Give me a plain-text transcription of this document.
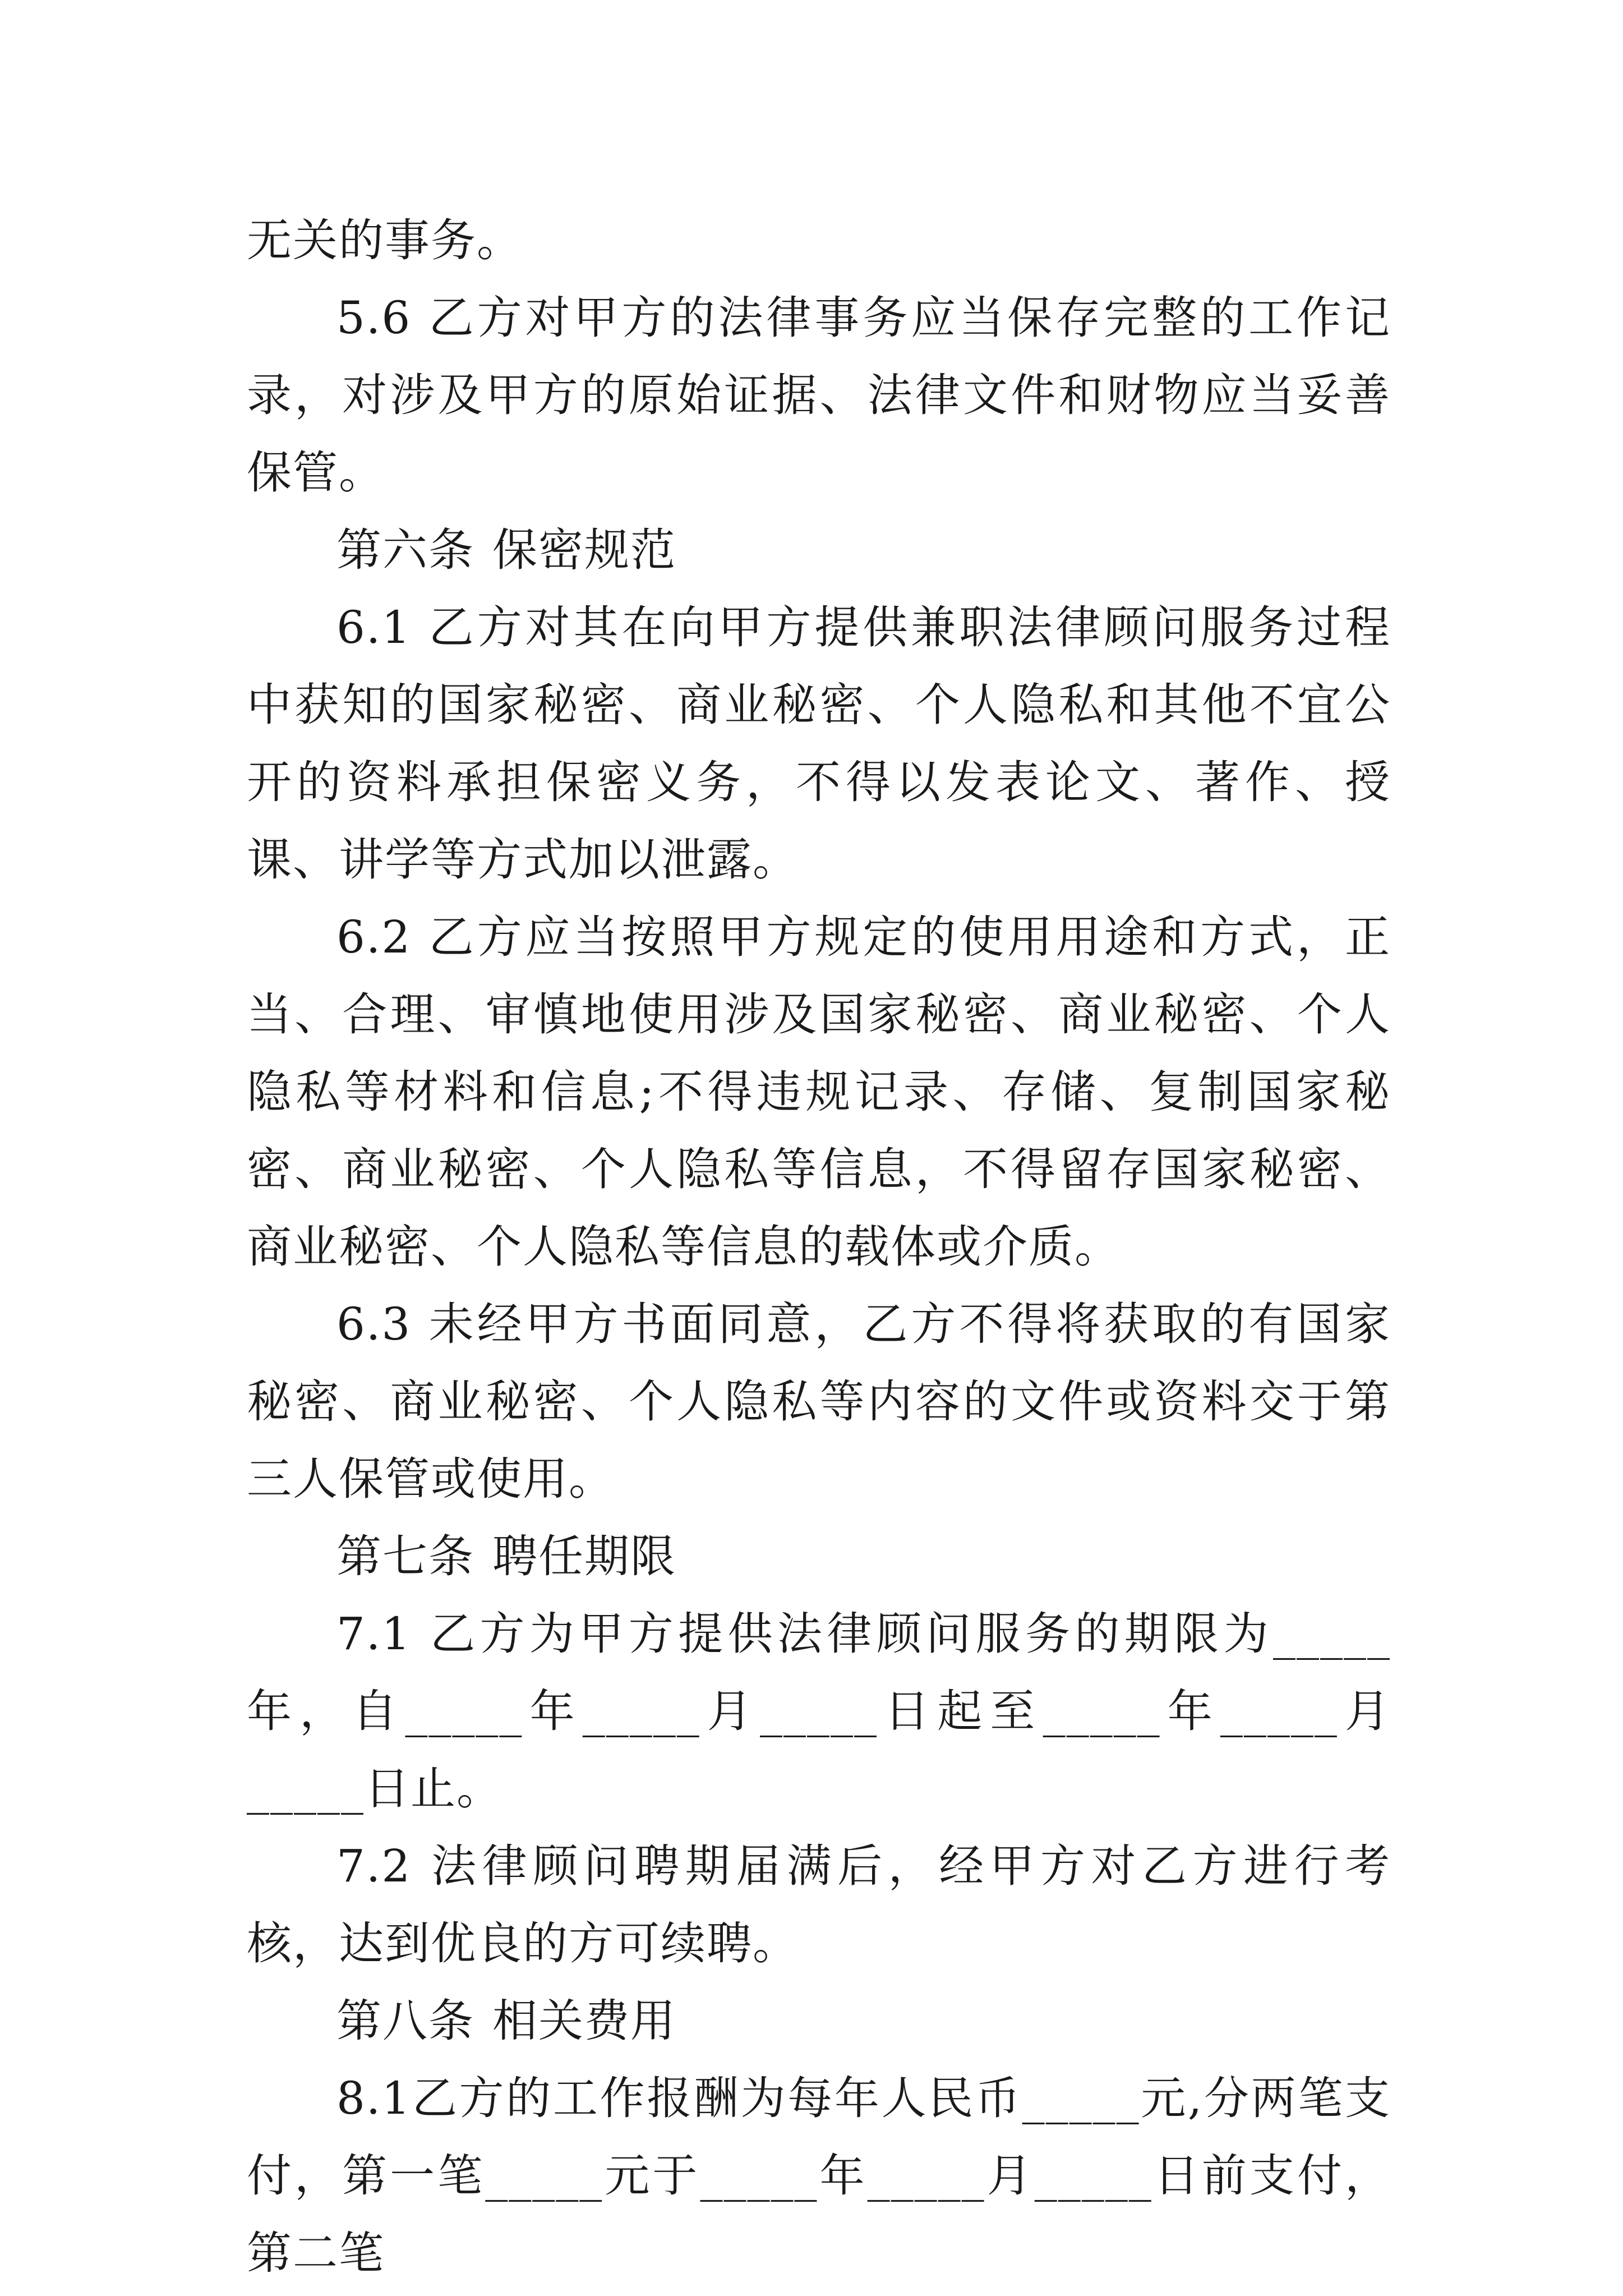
无关的事务。

5.6 乙方对甲方的法律事务应当保存完整的工作记录，对涉及甲方的原始证据、法律文件和财物应当妥善保管。

第六条 保密规范

6.1 乙方对其在向甲方提供兼职法律顾问服务过程中获知的国家秘密、商业秘密、个人隐私和其他不宜公开的资料承担保密义务，不得以发表论文、著作、授课、讲学等方式加以泄露。

6.2 乙方应当按照甲方规定的使用用途和方式，正当、合理、审慎地使用涉及国家秘密、商业秘密、个人隐私等材料和信息;不得违规记录、存储、复制国家秘密、商业秘密、个人隐私等信息，不得留存国家秘密、商业秘密、个人隐私等信息的载体或介质。

6.3 未经甲方书面同意，乙方不得将获取的有国家秘密、商业秘密、个人隐私等内容的文件或资料交于第三人保管或使用。

第七条 聘任期限

7.1 乙方为甲方提供法律顾问服务的期限为_____年，自_____年_____月_____日起至_____年_____月_____日止。

7.2 法律顾问聘期届满后，经甲方对乙方进行考核，达到优良的方可续聘。

第八条 相关费用

8.1乙方的工作报酬为每年人民币_____元,分两笔支付，第一笔_____元于_____年_____月_____日前支付，第二笔
